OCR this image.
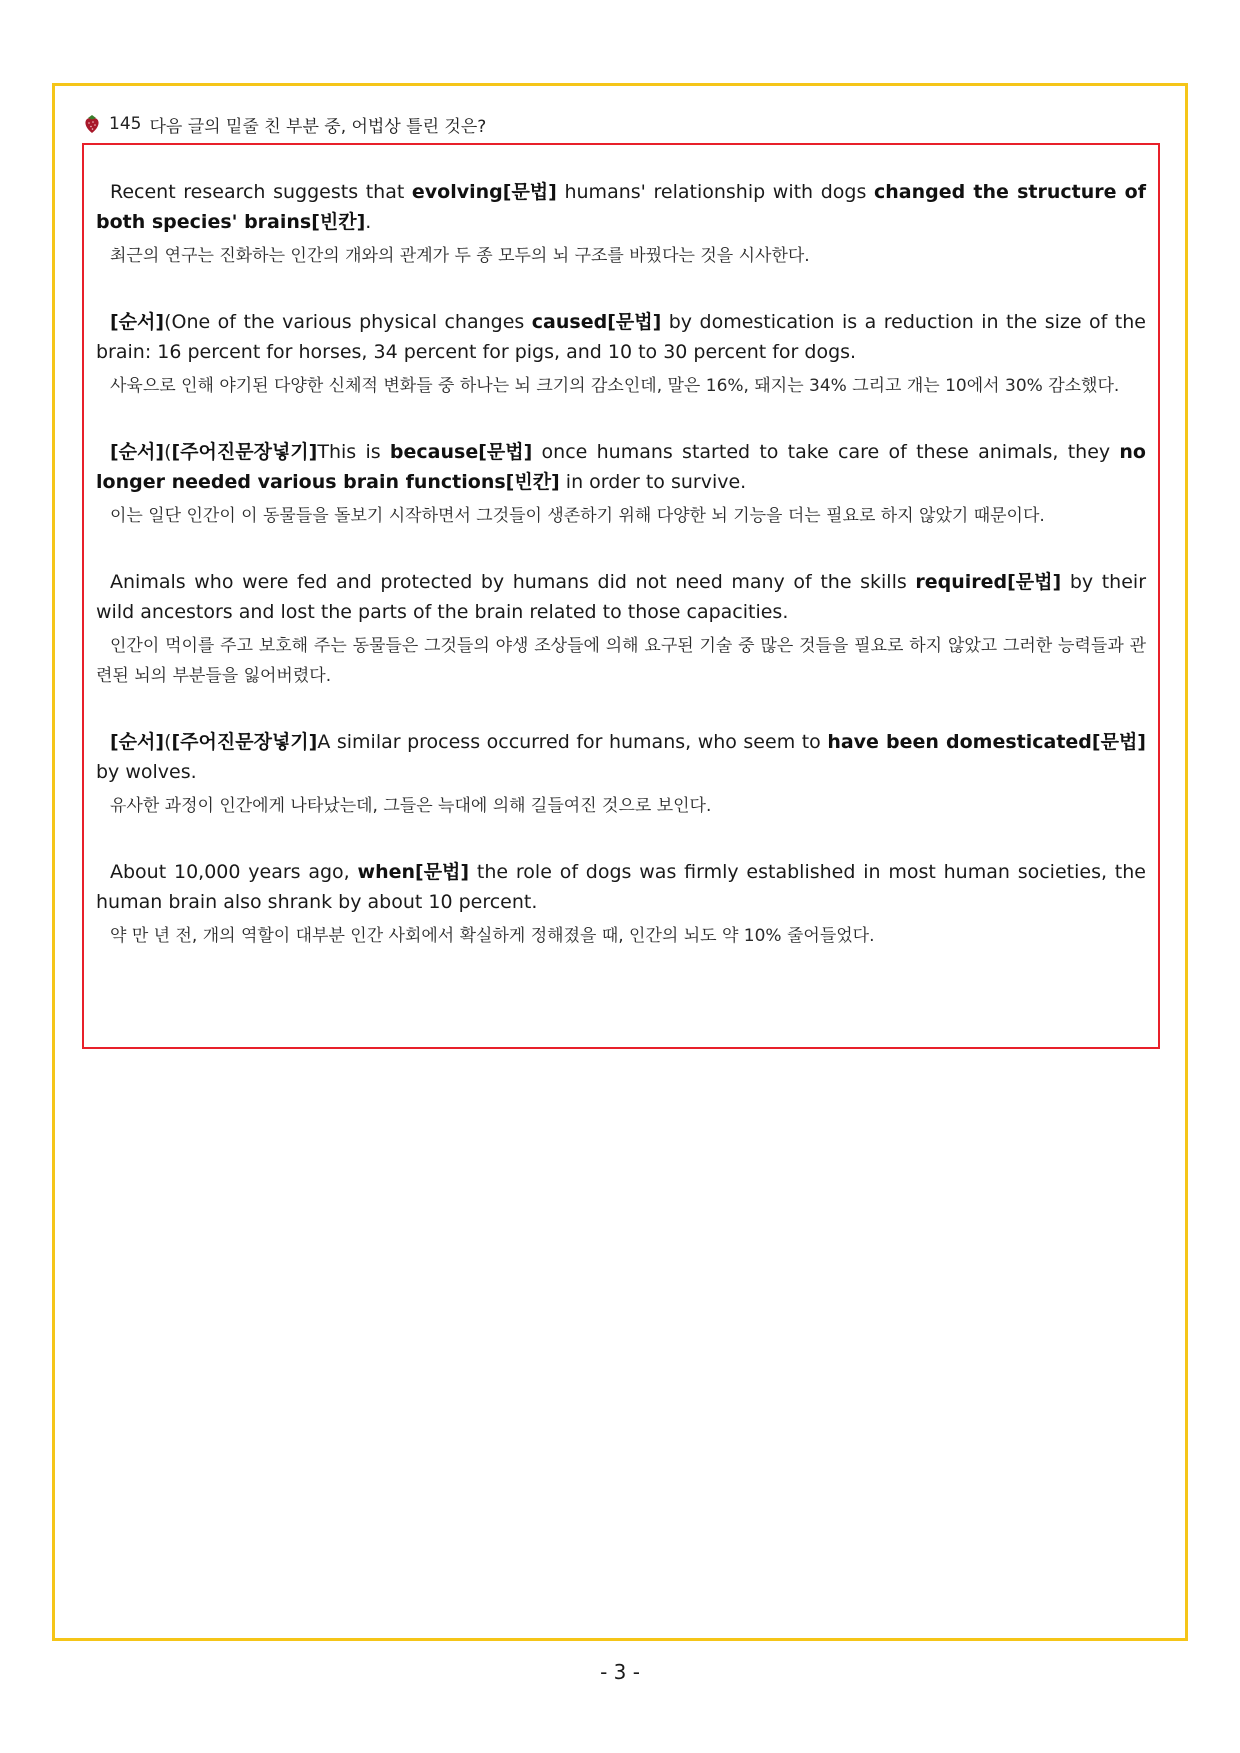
145 다음 글의 밑줄 친 부분 중, 어법상 틀린 것은?

Recent research suggests that evolving[문법] humans' relationship with dogs changed the structure of both species' brains[빈칸].

최근의 연구는 진화하는 인간의 개와의 관계가 두 종 모두의 뇌 구조를 바꿨다는 것을 시사한다.

[순서](One of the various physical changes caused[문법] by domestication is a reduction in the size of the brain: 16 percent for horses, 34 percent for pigs, and 10 to 30 percent for dogs.

사육으로 인해 야기된 다양한 신체적 변화들 중 하나는 뇌 크기의 감소인데, 말은 16%, 돼지는 34% 그리고 개는 10에서 30% 감소했다.

[순서]([주어진문장넣기]This is because[문법] once humans started to take care of these animals, they no longer needed various brain functions[빈칸] in order to survive.

이는 일단 인간이 이 동물들을 돌보기 시작하면서 그것들이 생존하기 위해 다양한 뇌 기능을 더는 필요로 하지 않았기 때문이다.

Animals who were fed and protected by humans did not need many of the skills required[문법] by their wild ancestors and lost the parts of the brain related to those capacities.

인간이 먹이를 주고 보호해 주는 동물들은 그것들의 야생 조상들에 의해 요구된 기술 중 많은 것들을 필요로 하지 않았고 그러한 능력들과 관련된 뇌의 부분들을 잃어버렸다.

[순서]([주어진문장넣기]A similar process occurred for humans, who seem to have been domesticated[문법] by wolves.

유사한 과정이 인간에게 나타났는데, 그들은 늑대에 의해 길들여진 것으로 보인다.

About 10,000 years ago, when[문법] the role of dogs was firmly established in most human societies, the human brain also shrank by about 10 percent.

약 만 년 전, 개의 역할이 대부분 인간 사회에서 확실하게 정해졌을 때, 인간의 뇌도 약 10% 줄어들었다.

- 3 -
